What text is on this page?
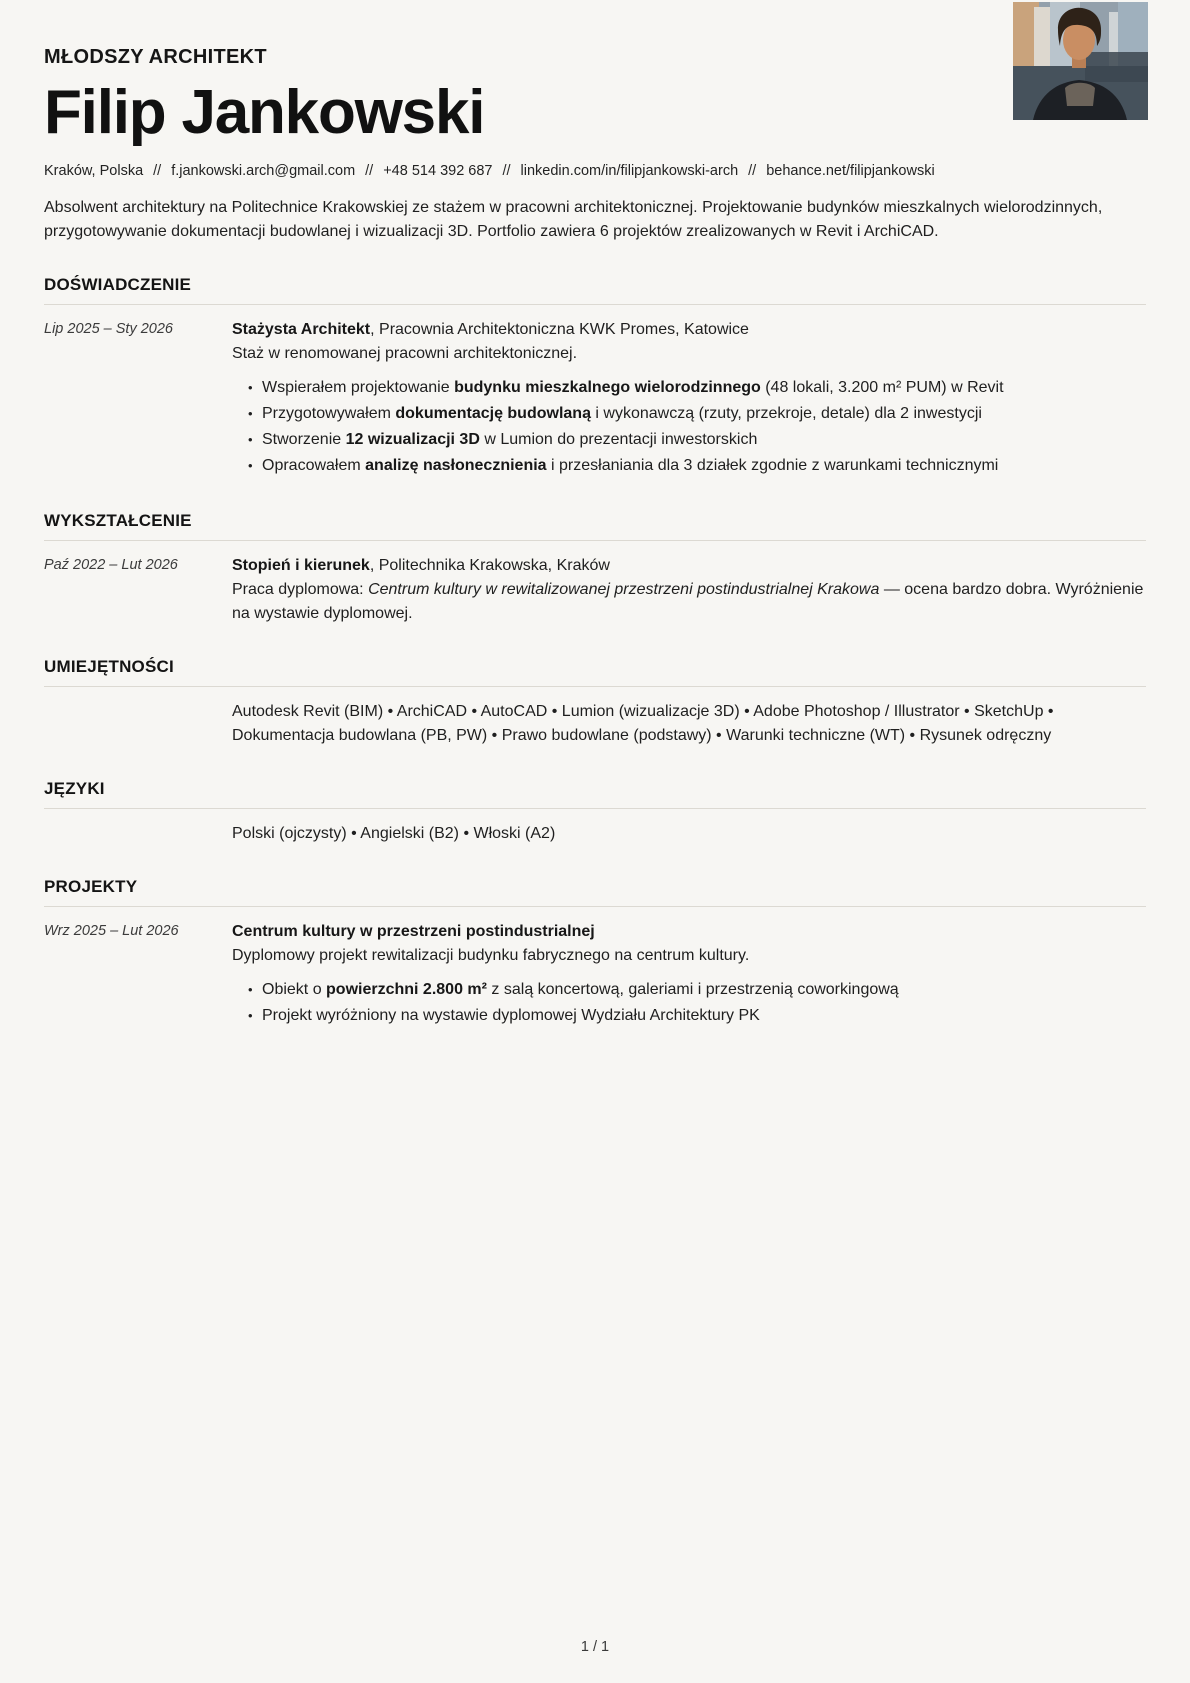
MŁODSZY ARCHITEKT
Filip Jankowski
Kraków, Polska // f.jankowski.arch@gmail.com // +48 514 392 687 // linkedin.com/in/filipjankowski-arch // behance.net/filipjankowski

Absolwent architektury na Politechnice Krakowskiej ze stażem w pracowni architektonicznej. Projektowanie budynków mieszkalnych wielorodzinnych, przygotowywanie dokumentacji budowlanej i wizualizacji 3D. Portfolio zawiera 6 projektów zrealizowanych w Revit i ArchiCAD.

DOŚWIADCZENIE
Lip 2025 – Sty 2026	Stażysta Architekt, Pracownia Architektoniczna KWK Promes, Katowice

Staż w renomowanej pracowni architektonicznej.

• Wspierałem projektowanie budynku mieszkalnego wielorodzinnego (48 lokali, 3.200 m² PUM) w Revit
• Przygotowywałem dokumentację budowlaną i wykonawczą (rzuty, przekroje, detale) dla 2 inwestycji
• Stworzenie 12 wizualizacji 3D w Lumion do prezentacji inwestorskich
• Opracowałem analizę nasłonecznienia i przesłaniania dla 3 działek zgodnie z warunkami technicznymi
WYKSZTAŁCENIE
Paź 2022 – Lut 2026	Stopień i kierunek, Politechnika Krakowska, Kraków

Praca dyplomowa: Centrum kultury w rewitalizowanej przestrzeni postindustrialnej Krakowa — ocena bardzo dobra. Wyróżnienie na wystawie dyplomowej.

UMIEJĘTNOŚCI

Autodesk Revit (BIM) • ArchiCAD • AutoCAD • Lumion (wizualizacje 3D) • Adobe Photoshop / Illustrator • SketchUp • Dokumentacja budowlana (PB, PW) • Prawo budowlane (podstawy) • Warunki techniczne (WT) • Rysunek odręczny

JĘZYKI

Polski (ojczysty) • Angielski (B2) • Włoski (A2)

PROJEKTY
Wrz 2025 – Lut 2026	Centrum kultury w przestrzeni postindustrialnej

Dyplomowy projekt rewitalizacji budynku fabrycznego na centrum kultury.

• Obiekt o powierzchni 2.800 m² z salą koncertową, galeriami i przestrzenią coworkingową
• Projekt wyróżniony na wystawie dyplomowej Wydziału Architektury PK
1 / 1
